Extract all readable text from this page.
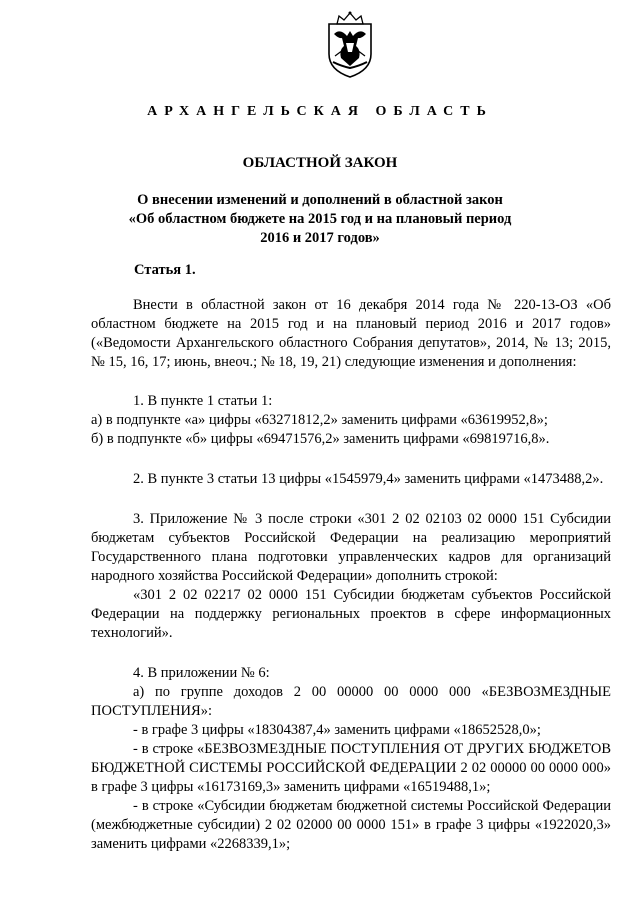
АРХАНГЕЛЬСКАЯ ОБЛАСТЬ
ОБЛАСТНОЙ ЗАКОН
О внесении изменений и дополнений в областной закон
«Об областном бюджете на 2015 год и на плановый период
2016 и 2017 годов»
Статья 1.

Внести в областной закон от 16 декабря 2014 года № 220-13-ОЗ «Об областном бюджете на 2015 год и на плановый период 2016 и 2017 годов» («Ведомости Архангельского областного Собрания депутатов», 2014, № 13; 2015, № 15, 16, 17; июнь, внеоч.; № 18, 19, 21) следующие изменения и дополнения:

1. В пункте 1 статьи 1:

а) в подпункте «а» цифры «63271812,2» заменить цифрами «63619952,8»;

б) в подпункте «б» цифры «69471576,2» заменить цифрами «69819716,8».

2. В пункте 3 статьи 13 цифры «1545979,4» заменить цифрами «1473488,2».

3. Приложение № 3 после строки «301 2 02 02103 02 0000 151 Субсидии бюджетам субъектов Российской Федерации на реализацию мероприятий Государственного плана подготовки управленческих кадров для организаций народного хозяйства Российской Федерации» дополнить строкой:

«301 2 02 02217 02 0000 151 Субсидии бюджетам субъектов Российской Федерации на поддержку региональных проектов в сфере информационных технологий».

4. В приложении № 6:

а) по группе доходов 2 00 00000 00 0000 000 «БЕЗВОЗМЕЗДНЫЕ ПОСТУПЛЕНИЯ»:

- в графе 3 цифры «18304387,4» заменить цифрами «18652528,0»;

- в строке «БЕЗВОЗМЕЗДНЫЕ ПОСТУПЛЕНИЯ ОТ ДРУГИХ БЮДЖЕТОВ БЮДЖЕТНОЙ СИСТЕМЫ РОССИЙСКОЙ ФЕДЕРАЦИИ 2 02 00000 00 0000 000» в графе 3 цифры «16173169,3» заменить цифрами «16519488,1»;

- в строке «Субсидии бюджетам бюджетной системы Российской Федерации (межбюджетные субсидии) 2 02 02000 00 0000 151» в графе 3 цифры «1922020,3» заменить цифрами «2268339,1»;
